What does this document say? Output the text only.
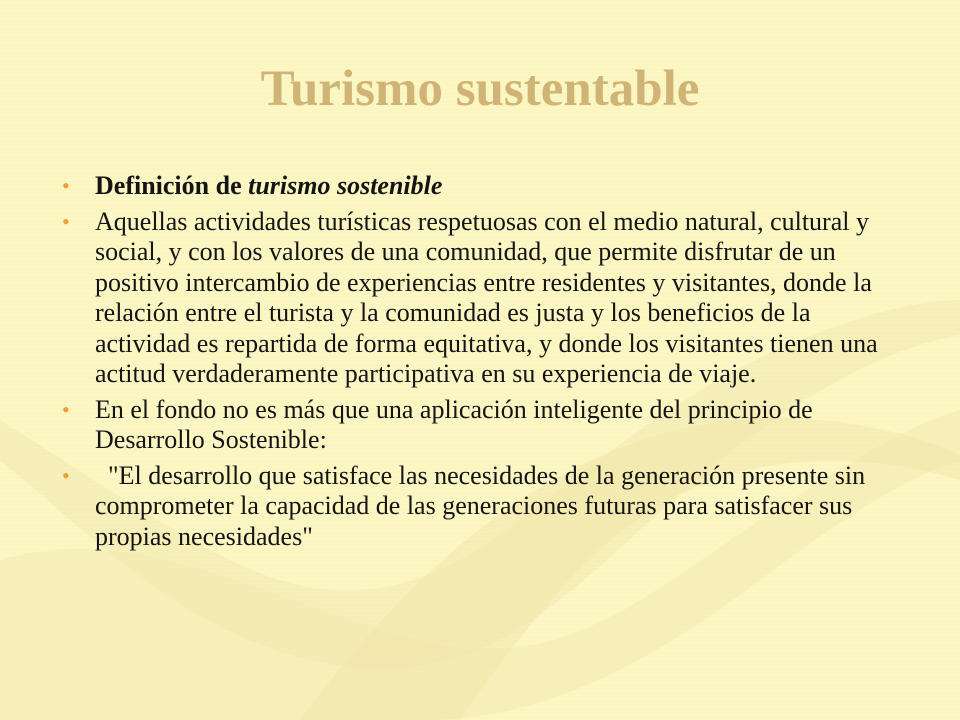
Turismo sustentable
• Definición de turismo sostenible
• Aquellas actividades turísticas respetuosas con el medio natural, cultural y social, y con los valores de una comunidad, que permite disfrutar de un positivo intercambio de experiencias entre residentes y visitantes, donde la relación entre el turista y la comunidad es justa y los beneficios de la actividad es repartida de forma equitativa, y donde los visitantes tienen una actitud verdaderamente participativa en su experiencia de viaje.
• En el fondo no es más que una aplicación inteligente del principio de Desarrollo Sostenible:
• "El desarrollo que satisface las necesidades de la generación presente sin comprometer la capacidad de las generaciones futuras para satisfacer sus propias necesidades"
